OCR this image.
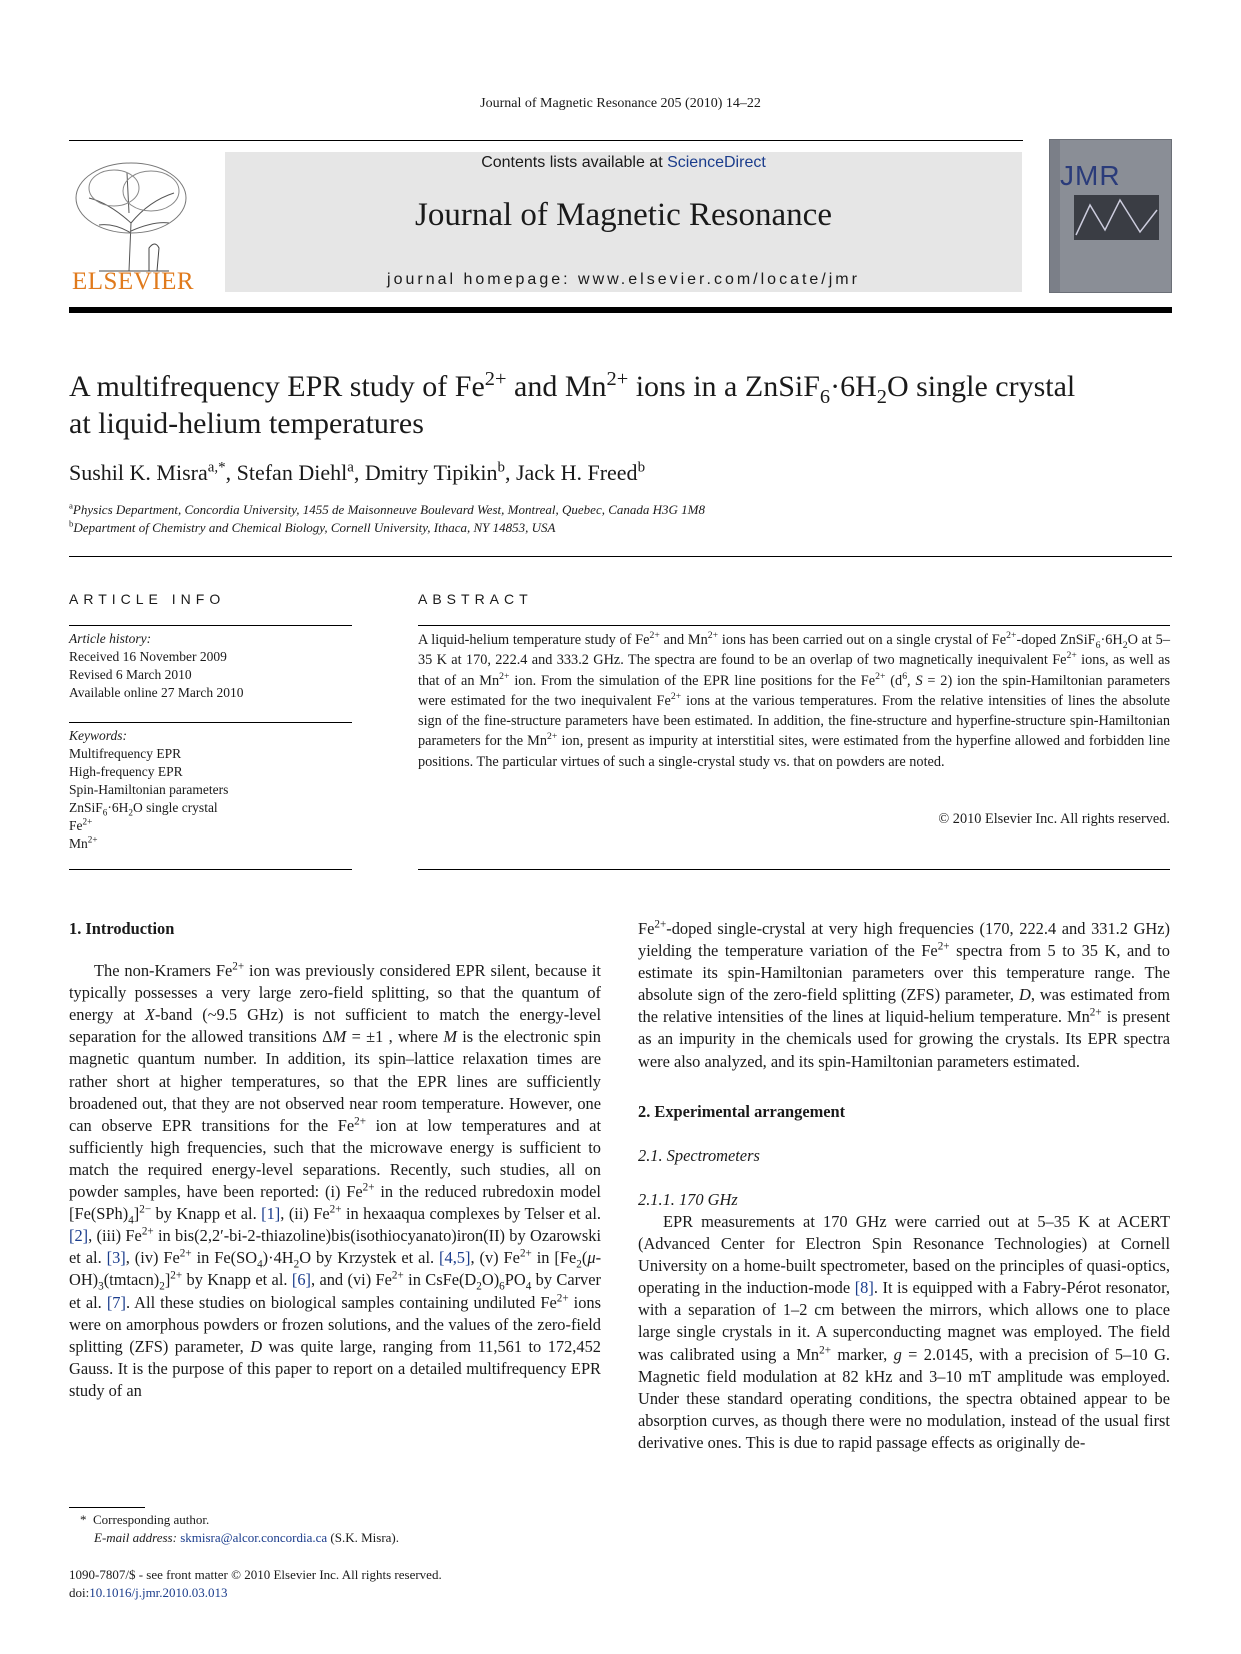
Journal of Magnetic Resonance 205 (2010) 14–22
ELSEVIER
Contents lists available at ScienceDirect
Journal of Magnetic Resonance
journal homepage: www.elsevier.com/locate/jmr
JMR
A multifrequency EPR study of $Fe^{2+}$ and $Mn^{2+}$ ions in a $ZnSiF_6\cdot 6H_2O$ single crystal
at liquid-helium temperatures
Sushil K. Misra$^{a,*}$, Stefan Diehl$^a$, Dmitry Tipikin$^b$, Jack H. Freed$^b$
$^a$Physics Department, Concordia University, 1455 de Maisonneuve Boulevard West, Montreal, Quebec, Canada H3G 1M8
$^b$Department of Chemistry and Chemical Biology, Cornell University, Ithaca, NY 14853, USA
ARTICLE INFO
Article history:
Received 16 November 2009
Revised 6 March 2010
Available online 27 March 2010
Keywords:
Multifrequency EPR
High-frequency EPR
Spin-Hamiltonian parameters
$ZnSiF_6\cdot 6H_2O$ single crystal
$Fe^{2+}$
$Mn^{2+}$
ABSTRACT
A liquid-helium temperature study of $Fe^{2+}$ and $Mn^{2+}$ ions has been carried out on a single crystal of $Fe^{2+}$-doped $ZnSiF_6\cdot 6H_2O$ at 5–35 K at 170, 222.4 and 333.2 GHz. The spectra are found to be an overlap of two magnetically inequivalent $Fe^{2+}$ ions, as well as that of an $Mn^{2+}$ ion. From the simulation of the EPR line positions for the $Fe^{2+}$ ($d^6$, S = 2) ion the spin-Hamiltonian parameters were estimated for the two inequivalent $Fe^{2+}$ ions at the various temperatures. From the relative intensities of lines the absolute sign of the fine-structure parameters have been estimated. In addition, the fine-structure and hyperfine-structure spin-Hamiltonian parameters for the $Mn^{2+}$ ion, present as impurity at interstitial sites, were estimated from the hyperfine allowed and forbidden line positions. The particular virtues of such a single-crystal study vs. that on powders are noted.
© 2010 Elsevier Inc. All rights reserved.
1. Introduction

The non-Kramers $Fe^{2+}$ ion was previously considered EPR silent, because it typically possesses a very large zero-field splitting, so that the quantum of energy at X-band (~9.5 GHz) is not sufficient to match the energy-level separation for the allowed transitions ΔM = ±1 , where M is the electronic spin magnetic quantum number. In addition, its spin–lattice relaxation times are rather short at higher temperatures, so that the EPR lines are sufficiently broadened out, that they are not observed near room temperature. However, one can observe EPR transitions for the $Fe^{2+}$ ion at low temperatures and at sufficiently high frequencies, such that the microwave energy is sufficient to match the required energy-level separations. Recently, such studies, all on powder samples, have been reported: (i) $Fe^{2+}$ in the reduced rubredoxin model $[Fe(SPh)_4]^{2-}$ by Knapp et al. [1], (ii) $Fe^{2+}$ in hexaaqua complexes by Telser et al. [2], (iii) $Fe^{2+}$ in bis(2,2′-bi-2-thiazoline)bis(isothiocyanato)iron(II) by Ozarowski et al. [3], (iv) $Fe^{2+}$ in $Fe(SO_4)\cdot 4H_2O$ by Krzystek et al. [4,5], (v) $Fe^{2+}$ in $[Fe_2(\mu-OH)_3(tmtacn)_2]^{2+}$ by Knapp et al. [6], and (vi) $Fe^{2+}$ in $CsFe(D_2O)_6PO_4$ by Carver et al. [7]. All these studies on biological samples containing undiluted $Fe^{2+}$ ions were on amorphous powders or frozen solutions, and the values of the zero-field splitting (ZFS) parameter, D was quite large, ranging from 11,561 to 172,452 Gauss. It is the purpose of this paper to report on a detailed multifrequency EPR study of an

$Fe^{2+}$-doped single-crystal at very high frequencies (170, 222.4 and 331.2 GHz) yielding the temperature variation of the $Fe^{2+}$ spectra from 5 to 35 K, and to estimate its spin-Hamiltonian parameters over this temperature range. The absolute sign of the zero-field splitting (ZFS) parameter, D, was estimated from the relative intensities of the lines at liquid-helium temperature. $Mn^{2+}$ is present as an impurity in the chemicals used for growing the crystals. Its EPR spectra were also analyzed, and its spin-Hamiltonian parameters estimated.

2. Experimental arrangement
2.1. Spectrometers
2.1.1. 170 GHz

EPR measurements at 170 GHz were carried out at 5–35 K at ACERT (Advanced Center for Electron Spin Resonance Technologies) at Cornell University on a home-built spectrometer, based on the principles of quasi-optics, operating in the induction-mode [8]. It is equipped with a Fabry-Pérot resonator, with a separation of 1–2 cm between the mirrors, which allows one to place large single crystals in it. A superconducting magnet was employed. The field was calibrated using a $Mn^{2+}$ marker, g = 2.0145, with a precision of 5–10 G. Magnetic field modulation at 82 kHz and 3–10 mT amplitude was employed. Under these standard operating conditions, the spectra obtained appear to be absorption curves, as though there were no modulation, instead of the usual first derivative ones. This is due to rapid passage effects as originally de-

* Corresponding author.
E-mail address: skmisra@alcor.concordia.ca (S.K. Misra).
1090-7807/$ - see front matter © 2010 Elsevier Inc. All rights reserved.
doi:10.1016/j.jmr.2010.03.013
